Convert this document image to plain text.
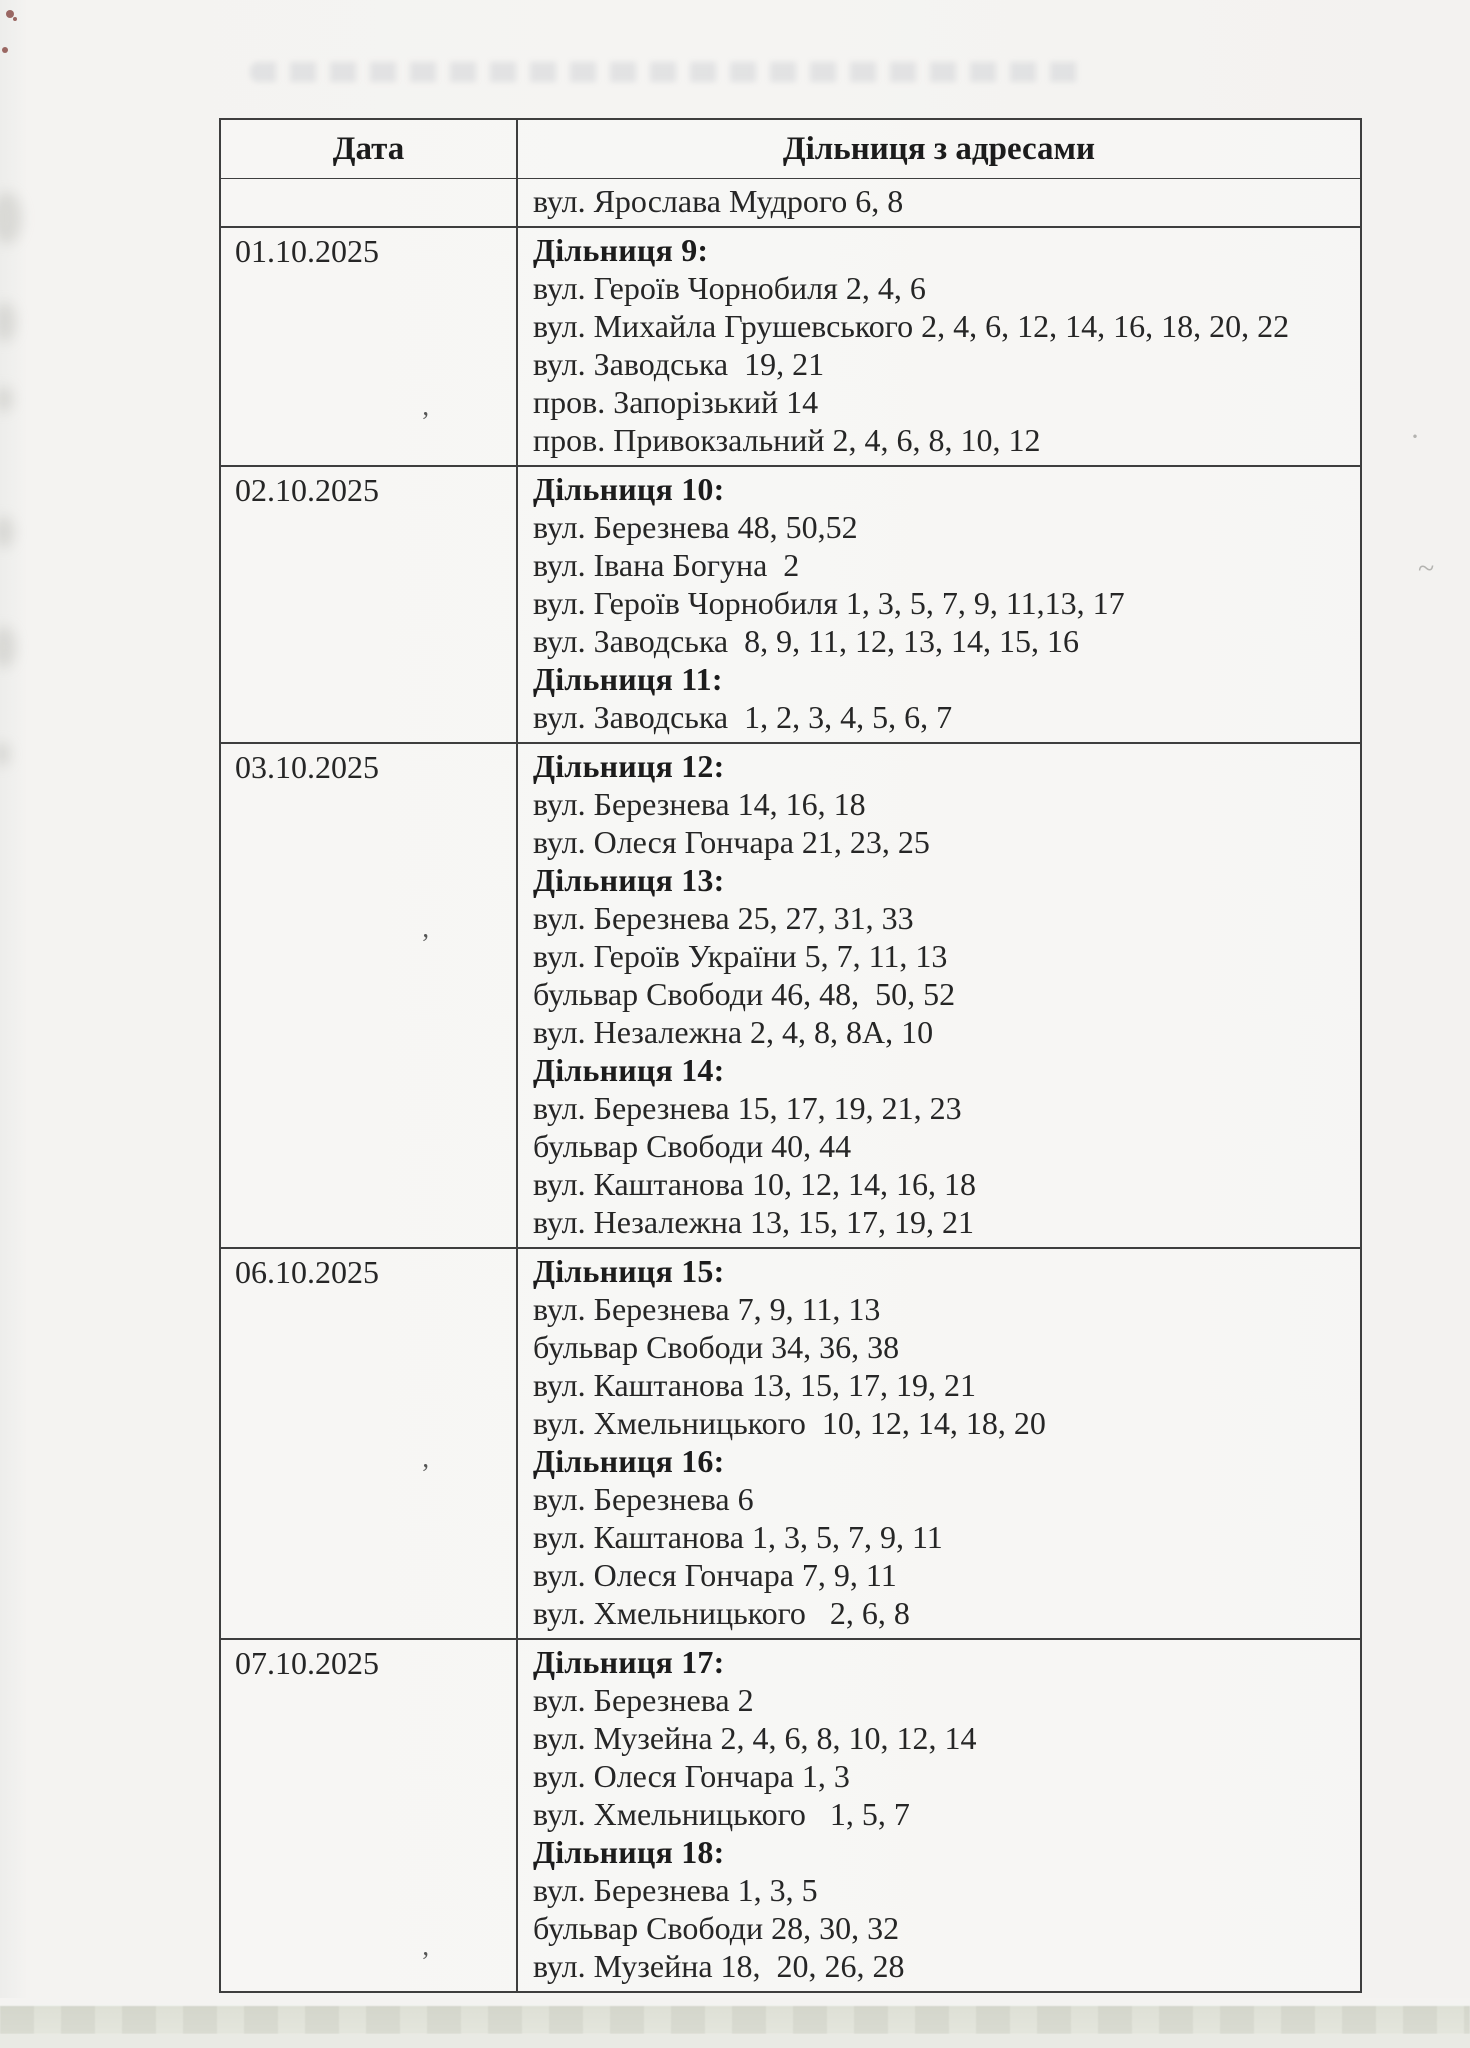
Дата	Дільниця з адресами
вул. Ярослава Мудрого 6, 8
01.10.2025	Дільниця 9:
вул. Героїв Чорнобиля 2, 4, 6
вул. Михайла Грушевського 2, 4, 6, 12, 14, 16, 18, 20, 22
вул. Заводська  19, 21
пров. Запорізький 14
пров. Привокзальний 2, 4, 6, 8, 10, 12
02.10.2025	Дільниця 10:
вул. Березнева 48, 50,52
вул. Івана Богуна  2
вул. Героїв Чорнобиля 1, 3, 5, 7, 9, 11,13, 17
вул. Заводська  8, 9, 11, 12, 13, 14, 15, 16
Дільниця 11:
вул. Заводська  1, 2, 3, 4, 5, 6, 7
03.10.2025	Дільниця 12:
вул. Березнева 14, 16, 18
вул. Олеся Гончара 21, 23, 25
Дільниця 13:
вул. Березнева 25, 27, 31, 33
вул. Героїв України 5, 7, 11, 13
бульвар Свободи 46, 48,  50, 52
вул. Незалежна 2, 4, 8, 8А, 10
Дільниця 14:
вул. Березнева 15, 17, 19, 21, 23
бульвар Свободи 40, 44
вул. Каштанова 10, 12, 14, 16, 18
вул. Незалежна 13, 15, 17, 19, 21
06.10.2025	Дільниця 15:
вул. Березнева 7, 9, 11, 13
бульвар Свободи 34, 36, 38
вул. Каштанова 13, 15, 17, 19, 21
вул. Хмельницького  10, 12, 14, 18, 20
Дільниця 16:
вул. Березнева 6
вул. Каштанова 1, 3, 5, 7, 9, 11
вул. Олеся Гончара 7, 9, 11
вул. Хмельницького   2, 6, 8
07.10.2025	Дільниця 17:
вул. Березнева 2
вул. Музейна 2, 4, 6, 8, 10, 12, 14
вул. Олеся Гончара 1, 3
вул. Хмельницького   1, 5, 7
Дільниця 18:
вул. Березнева 1, 3, 5
бульвар Свободи 28, 30, 32
вул. Музейна 18,  20, 26, 28
’
’
’
’
·
~
